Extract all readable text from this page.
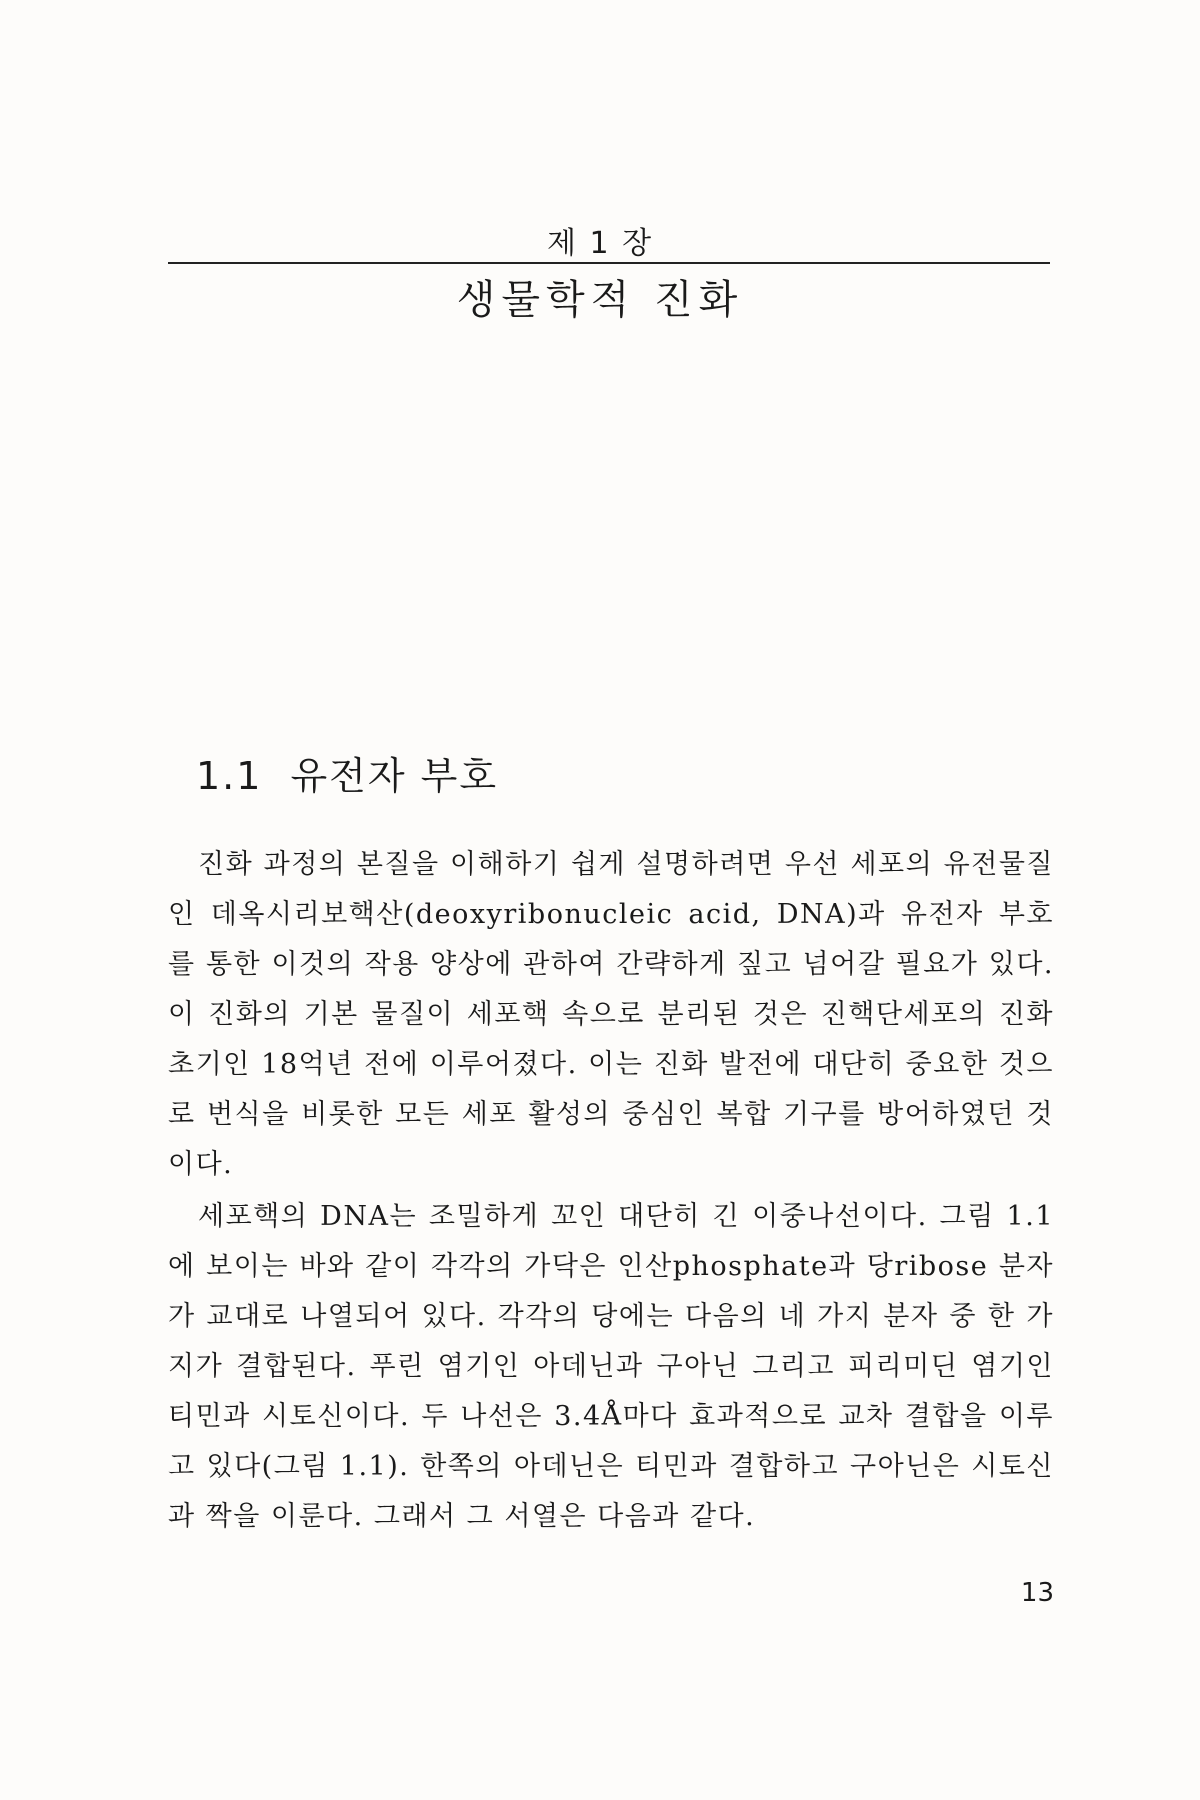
제 1 장
생물학적 진화
1.1 유전자 부호

진화 과정의 본질을 이해하기 쉽게 설명하려면 우선 세포의 유전물질인 데옥시리보핵산(deoxyribonucleic acid, DNA)과 유전자 부호를 통한 이것의 작용 양상에 관하여 간략하게 짚고 넘어갈 필요가 있다. 이 진화의 기본 물질이 세포핵 속으로 분리된 것은 진핵단세포의 진화 초기인 18억년 전에 이루어졌다. 이는 진화 발전에 대단히 중요한 것으로 번식을 비롯한 모든 세포 활성의 중심인 복합 기구를 방어하였던 것이다.

세포핵의 DNA는 조밀하게 꼬인 대단히 긴 이중나선이다. 그림 1.1에 보이는 바와 같이 각각의 가닥은 인산phosphate과 당ribose 분자가 교대로 나열되어 있다. 각각의 당에는 다음의 네 가지 분자 중 한 가지가 결합된다. 푸린 염기인 아데닌과 구아닌 그리고 피리미딘 염기인 티민과 시토신이다. 두 나선은 3.4Å마다 효과적으로 교차 결합을 이루고 있다(그림 1.1). 한쪽의 아데닌은 티민과 결합하고 구아닌은 시토신과 짝을 이룬다. 그래서 그 서열은 다음과 같다.

13
